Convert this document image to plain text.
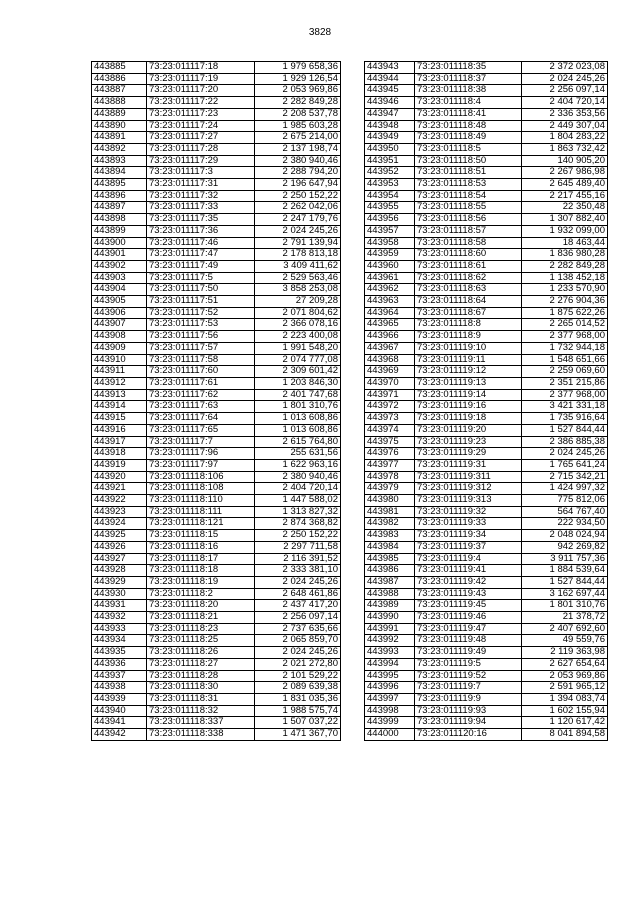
3828
443885	73:23:011117:18	1 979 658,36
443886	73:23:011117:19	1 929 126,54
443887	73:23:011117:20	2 053 969,86
443888	73:23:011117:22	2 282 849,28
443889	73:23:011117:23	2 208 537,78
443890	73:23:011117:24	1 985 603,28
443891	73:23:011117:27	2 675 214,00
443892	73:23:011117:28	2 137 198,74
443893	73:23:011117:29	2 380 940,46
443894	73:23:011117:3	2 288 794,20
443895	73:23:011117:31	2 196 647,94
443896	73:23:011117:32	2 250 152,22
443897	73:23:011117:33	2 262 042,06
443898	73:23:011117:35	2 247 179,76
443899	73:23:011117:36	2 024 245,26
443900	73:23:011117:46	2 791 139,94
443901	73:23:011117:47	2 178 813,18
443902	73:23:011117:49	3 409 411,62
443903	73:23:011117:5	2 529 563,46
443904	73:23:011117:50	3 858 253,08
443905	73:23:011117:51	27 209,28
443906	73:23:011117:52	2 071 804,62
443907	73:23:011117:53	2 366 078,16
443908	73:23:011117:56	2 223 400,08
443909	73:23:011117:57	1 991 548,20
443910	73:23:011117:58	2 074 777,08
443911	73:23:011117:60	2 309 601,42
443912	73:23:011117:61	1 203 846,30
443913	73:23:011117:62	2 401 747,68
443914	73:23:011117:63	1 801 310,76
443915	73:23:011117:64	1 013 608,86
443916	73:23:011117:65	1 013 608,86
443917	73:23:011117:7	2 615 764,80
443918	73:23:011117:96	255 631,56
443919	73:23:011117:97	1 622 963,16
443920	73:23:011118:106	2 380 940,46
443921	73:23:011118:108	2 404 720,14
443922	73:23:011118:110	1 447 588,02
443923	73:23:011118:111	1 313 827,32
443924	73:23:011118:121	2 874 368,82
443925	73:23:011118:15	2 250 152,22
443926	73:23:011118:16	2 297 711,58
443927	73:23:011118:17	2 116 391,52
443928	73:23:011118:18	2 333 381,10
443929	73:23:011118:19	2 024 245,26
443930	73:23:011118:2	2 648 461,86
443931	73:23:011118:20	2 437 417,20
443932	73:23:011118:21	2 256 097,14
443933	73:23:011118:23	2 737 635,66
443934	73:23:011118:25	2 065 859,70
443935	73:23:011118:26	2 024 245,26
443936	73:23:011118:27	2 021 272,80
443937	73:23:011118:28	2 101 529,22
443938	73:23:011118:30	2 089 639,38
443939	73:23:011118:31	1 831 035,36
443940	73:23:011118:32	1 988 575,74
443941	73:23:011118:337	1 507 037,22
443942	73:23:011118:338	1 471 367,70
443943	73:23:011118:35	2 372 023,08
443944	73:23:011118:37	2 024 245,26
443945	73:23:011118:38	2 256 097,14
443946	73:23:011118:4	2 404 720,14
443947	73:23:011118:41	2 336 353,56
443948	73:23:011118:48	2 449 307,04
443949	73:23:011118:49	1 804 283,22
443950	73:23:011118:5	1 863 732,42
443951	73:23:011118:50	140 905,20
443952	73:23:011118:51	2 267 986,98
443953	73:23:011118:53	2 645 489,40
443954	73:23:011118:54	2 217 455,16
443955	73:23:011118:55	22 350,48
443956	73:23:011118:56	1 307 882,40
443957	73:23:011118:57	1 932 099,00
443958	73:23:011118:58	18 463,44
443959	73:23:011118:60	1 836 980,28
443960	73:23:011118:61	2 282 849,28
443961	73:23:011118:62	1 138 452,18
443962	73:23:011118:63	1 233 570,90
443963	73:23:011118:64	2 276 904,36
443964	73:23:011118:67	1 875 622,26
443965	73:23:011118:8	2 265 014,52
443966	73:23:011118:9	2 377 968,00
443967	73:23:011119:10	1 732 944,18
443968	73:23:011119:11	1 548 651,66
443969	73:23:011119:12	2 259 069,60
443970	73:23:011119:13	2 351 215,86
443971	73:23:011119:14	2 377 968,00
443972	73:23:011119:16	3 421 331,18
443973	73:23:011119:18	1 735 916,64
443974	73:23:011119:20	1 527 844,44
443975	73:23:011119:23	2 386 885,38
443976	73:23:011119:29	2 024 245,26
443977	73:23:011119:31	1 765 641,24
443978	73:23:011119:311	2 715 342,21
443979	73:23:011119:312	1 424 997,32
443980	73:23:011119:313	775 812,06
443981	73:23:011119:32	564 767,40
443982	73:23:011119:33	222 934,50
443983	73:23:011119:34	2 048 024,94
443984	73:23:011119:37	942 269,82
443985	73:23:011119:4	3 911 757,36
443986	73:23:011119:41	1 884 539,64
443987	73:23:011119:42	1 527 844,44
443988	73:23:011119:43	3 162 697,44
443989	73:23:011119:45	1 801 310,76
443990	73:23:011119:46	21 378,72
443991	73:23:011119:47	2 407 692,60
443992	73:23:011119:48	49 559,76
443993	73:23:011119:49	2 119 363,98
443994	73:23:011119:5	2 627 654,64
443995	73:23:011119:52	2 053 969,86
443996	73:23:011119:7	2 591 965,12
443997	73:23:011119:9	1 394 083,74
443998	73:23:011119:93	1 602 155,94
443999	73:23:011119:94	1 120 617,42
444000	73:23:011120:16	8 041 894,58
